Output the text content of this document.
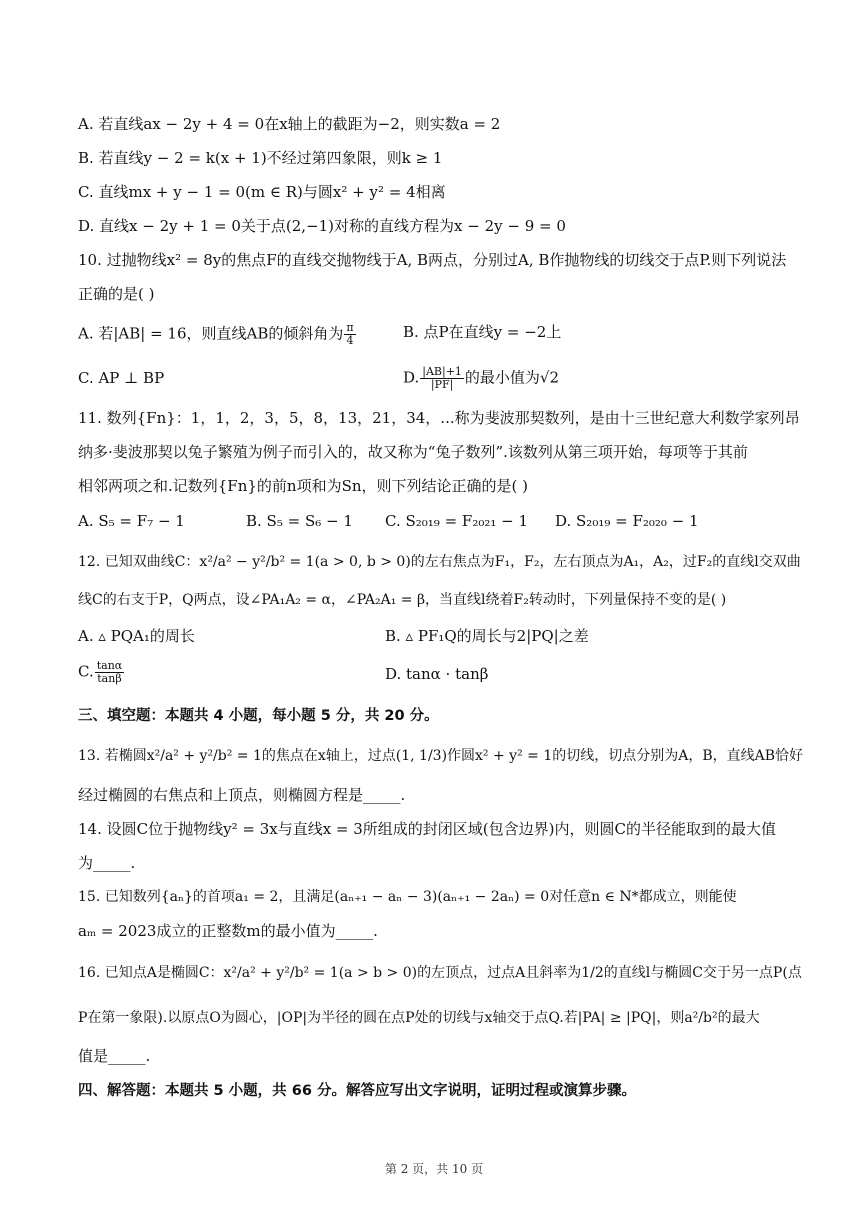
A. 若直线ax − 2y + 4 = 0在x轴上的截距为−2，则实数a = 2
B. 若直线y − 2 = k(x + 1)不经过第四象限，则k ≥ 1
C. 直线mx + y − 1 = 0(m ∈ R)与圆x² + y² = 4相离
D. 直线x − 2y + 1 = 0关于点(2,−1)对称的直线方程为x − 2y − 9 = 0
10. 过抛物线x² = 8y的焦点F的直线交抛物线于A, B两点，分别过A, B作抛物线的切线交于点P.则下列说法
正确的是( )
A. 若|AB| = 16，则直线AB的倾斜角为 $\frac{\pi}{4}$	B. 点P在直线y = −2上
C. AP ⊥ BP	D. $\frac{|AB|+1}{|PF|}$ 的最小值为√2
11. 数列{Fn}：1，1，2，3，5，8，13，21，34，...称为斐波那契数列，是由十三世纪意大利数学家列昂
纳多·斐波那契以兔子繁殖为例子而引入的，故又称为“兔子数列”.该数列从第三项开始，每项等于其前
相邻两项之和.记数列{Fn}的前n项和为Sn，则下列结论正确的是( )
A. S₅ = F₇ − 1	B. S₅ = S₆ − 1 C. S₂₀₁₉ = F₂₀₂₁ − 1 D. S₂₀₁₉ = F₂₀₂₀ − 1
12. 已知双曲线C：x²/a² − y²/b² = 1(a > 0, b > 0)的左右焦点为F₁，F₂，左右顶点为A₁，A₂，过F₂的直线l交双曲
线C的右支于P，Q两点，设∠PA₁A₂ = α，∠PA₂A₁ = β，当直线l绕着F₂转动时，下列量保持不变的是( )
A. ▵ PQA₁的周长	B. ▵ PF₁Q的周长与2|PQ|之差
C. $\frac{\tan\alpha}{\tan\beta}$	D. tanα · tanβ
三、填空题：本题共 4 小题，每小题 5 分，共 20 分。
13. 若椭圆x²/a² + y²/b² = 1的焦点在x轴上，过点(1, 1/3)作圆x² + y² = 1的切线，切点分别为A，B，直线AB恰好
经过椭圆的右焦点和上顶点，则椭圆方程是_____.
14. 设圆C位于抛物线y² = 3x与直线x = 3所组成的封闭区域(包含边界)内，则圆C的半径能取到的最大值
为_____.
15. 已知数列{aₙ}的首项a₁ = 2，且满足(aₙ₊₁ − aₙ − 3)(aₙ₊₁ − 2aₙ) = 0对任意n ∈ N*都成立，则能使
aₘ = 2023成立的正整数m的最小值为_____.
16. 已知点A是椭圆C：x²/a² + y²/b² = 1(a > b > 0)的左顶点，过点A且斜率为1/2的直线l与椭圆C交于另一点P(点
P在第一象限).以原点O为圆心，|OP|为半径的圆在点P处的切线与x轴交于点Q.若|PA| ≥ |PQ|，则a²/b²的最大
值是_____.
四、解答题：本题共 5 小题，共 66 分。解答应写出文字说明，证明过程或演算步骤。
第 2 页，共 10 页
